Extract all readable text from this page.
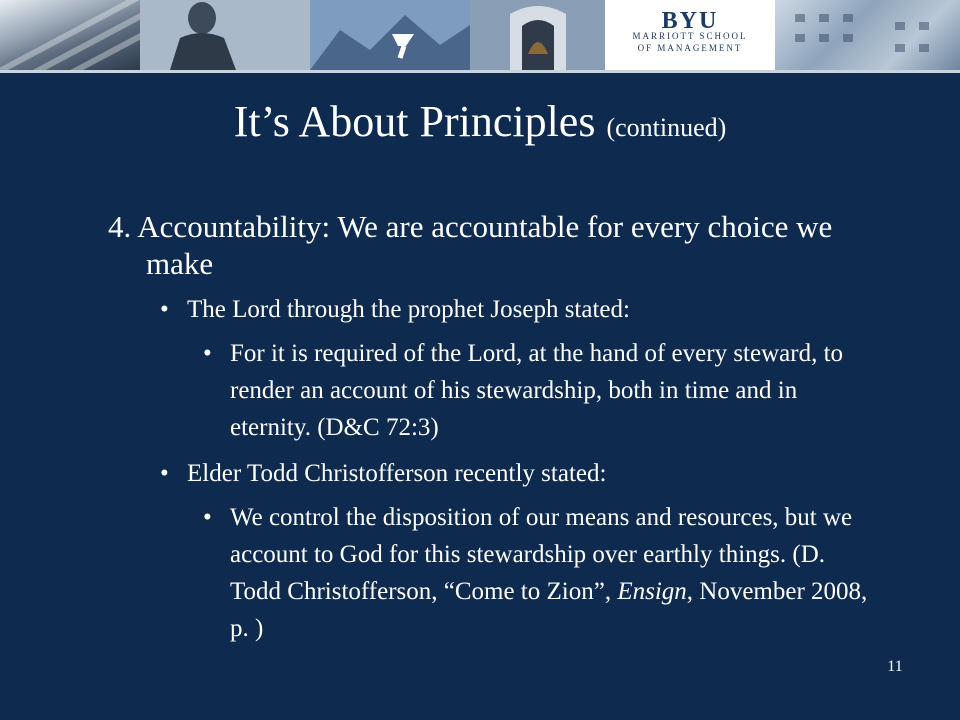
BYU
MARRIOTT SCHOOL
OF MANAGEMENT
It’s About Principles (continued)
4. Accountability: We are accountable for every choice we make
• The Lord through the prophet Joseph stated:
• For it is required of the Lord, at the hand of every steward, to render an account of his stewardship, both in time and in eternity. (D&C 72:3)
• Elder Todd Christofferson recently stated:
• We control the disposition of our means and resources, but we account to God for this stewardship over earthly things. (D. Todd Christofferson, “Come to Zion”, Ensign, November 2008, p. )
11
